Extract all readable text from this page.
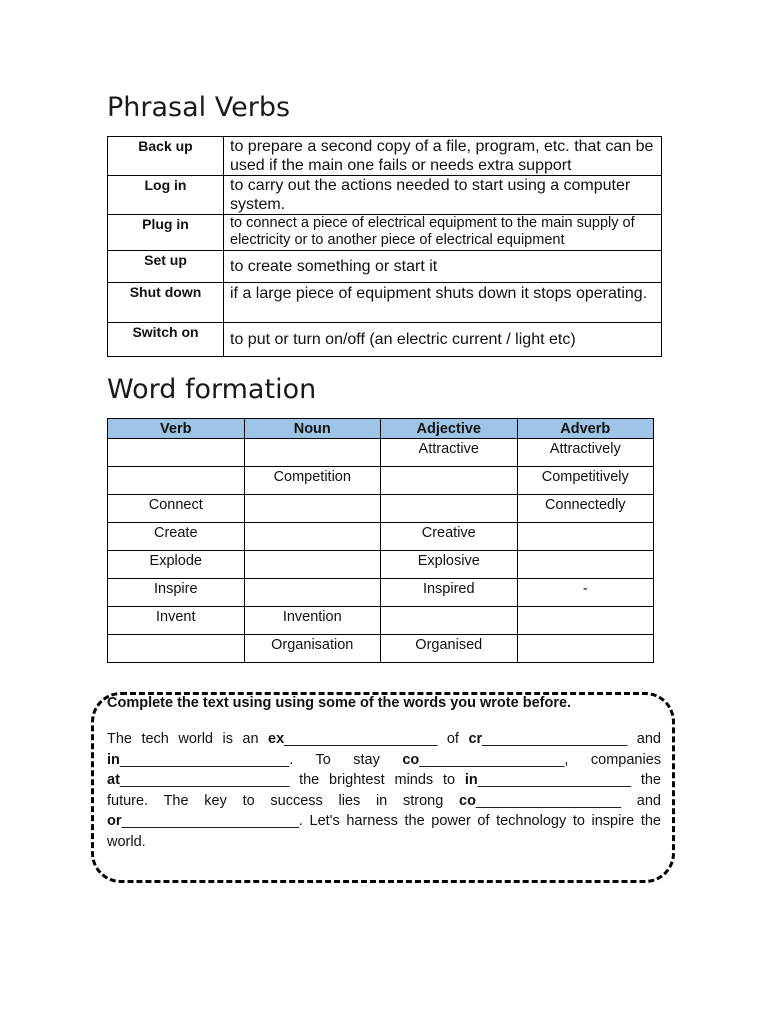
Phrasal Verbs
Back up	to prepare a second copy of a file, program, etc. that can be used if the main one fails or needs extra support
Log in	to carry out the actions needed to start using a computer system.
Plug in	to connect a piece of electrical equipment to the main supply of electricity or to another piece of electrical equipment
Set up	to create something or start it
Shut down	if a large piece of equipment shuts down it stops operating.
Switch on	to put or turn on/off (an electric current / light etc)
Word formation
Verb	Noun	Adjective	Adverb
		Attractive	Attractively
	Competition		Competitively
Connect			Connectedly
Create		Creative	
Explode		Explosive	
Inspire		Inspired	-
Invent	Invention		
	Organisation	Organised	

Complete the text using using some of the words you wrote before.

The tech world is an ex___________________ of cr__________________ and in_____________________. To stay co__________________, companies at_____________________ the brightest minds to in___________________ the future. The key to success lies in strong co__________________ and or______________________. Let's harness the power of technology to inspire the world.
